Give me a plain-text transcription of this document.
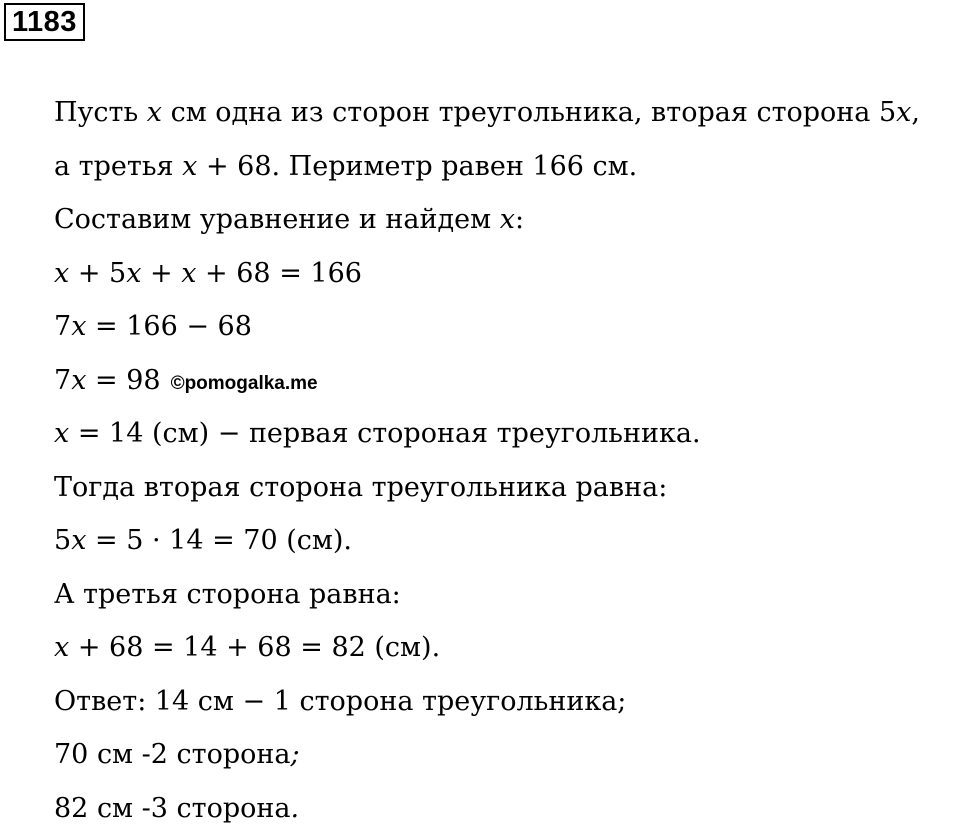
1183
Пусть x см одна из сторон треугольника, вторая сторона 5x,
а третья x + 68. Периметр равен 166 см.
Составим уравнение и найдем x:
x + 5x + x + 68 = 166
7x = 166 − 68
7x = 98 ©pomogalka.me
x = 14 (см) − первая стороная треугольника.
Тогда вторая сторона треугольника равна:
5x = 5 · 14 = 70 (см).
А третья сторона равна:
x + 68 = 14 + 68 = 82 (см).
Ответ: 14 см − 1 сторона треугольника;
70 см -2 сторона;
82 см -3 сторона.
